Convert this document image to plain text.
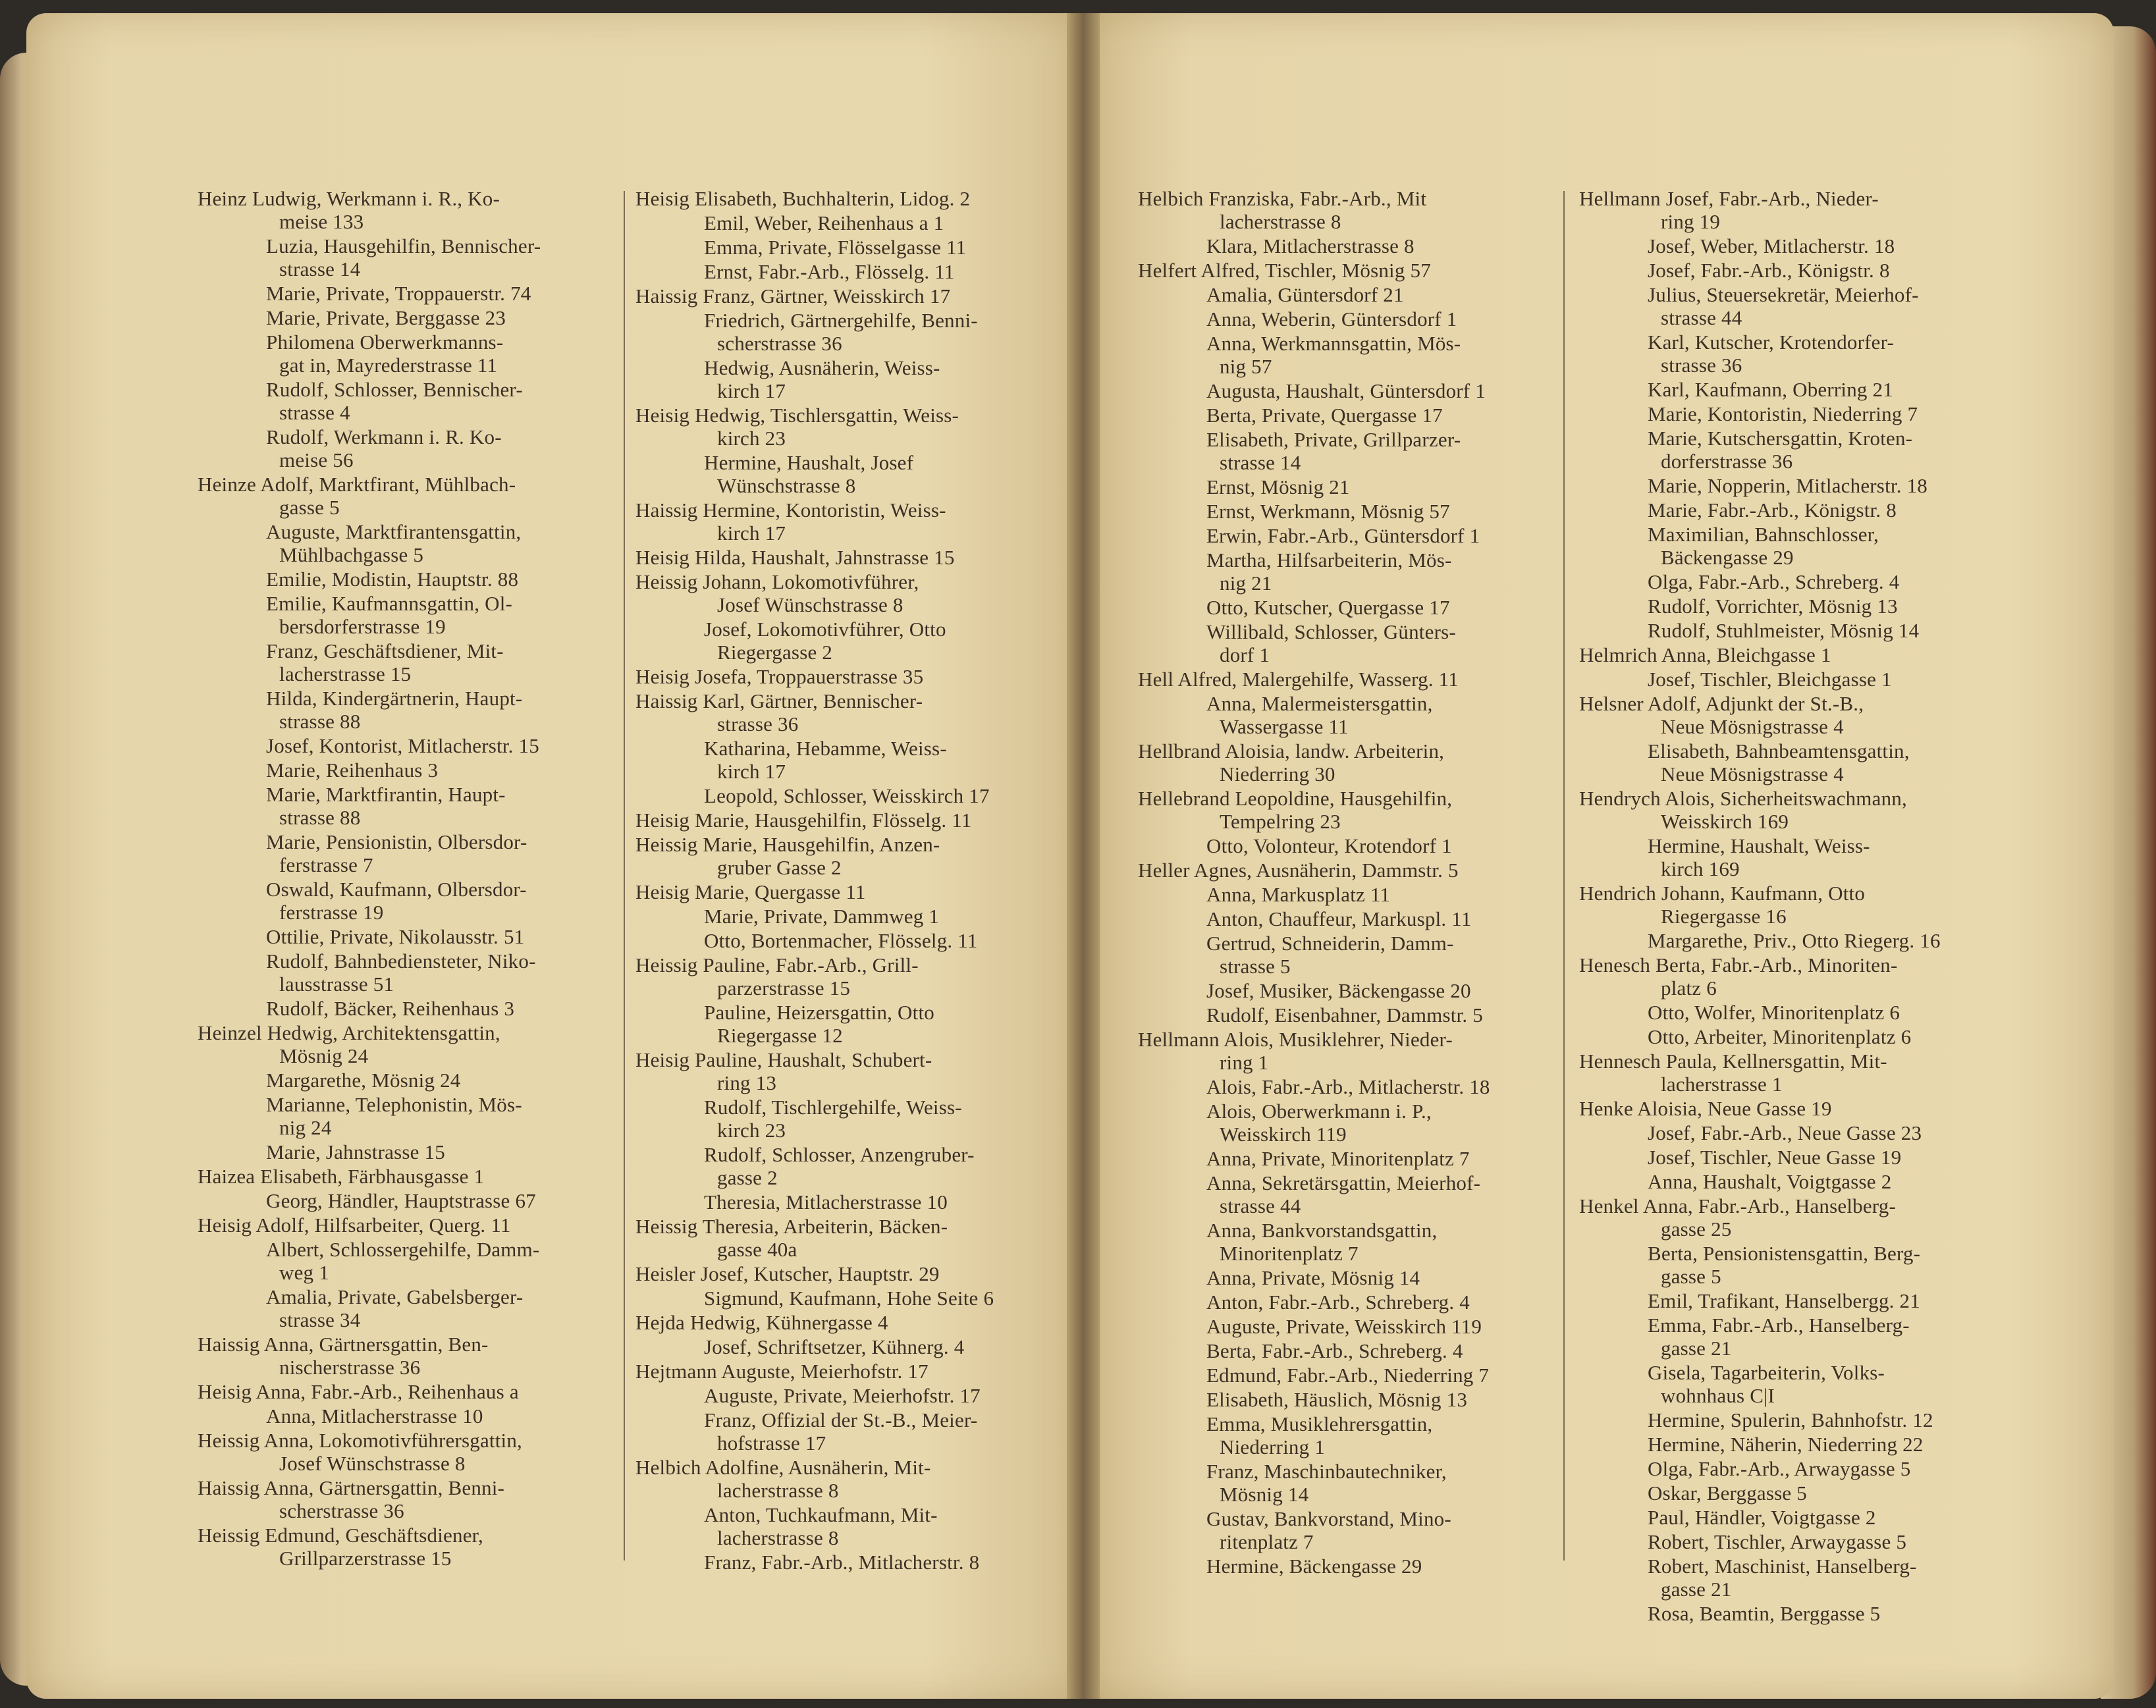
Heinz Ludwig, Werkmann i. R., Ko-
meise 133
Luzia, Hausgehilfin, Bennischer-
strasse 14
Marie, Private, Troppauerstr. 74
Marie, Private, Berggasse 23
Philomena Oberwerkmanns-
gat in, Mayrederstrasse 11
Rudolf, Schlosser, Bennischer-
strasse 4
Rudolf, Werkmann i. R. Ko-
meise 56
Heinze Adolf, Marktfirant, Mühlbach-
gasse 5
Auguste, Marktfirantensgattin,
Mühlbachgasse 5
Emilie, Modistin, Hauptstr. 88
Emilie, Kaufmannsgattin, Ol-
bersdorferstrasse 19
Franz, Geschäftsdiener, Mit-
lacherstrasse 15
Hilda, Kindergärtnerin, Haupt-
strasse 88
Josef, Kontorist, Mitlacherstr. 15
Marie, Reihenhaus 3
Marie, Marktfirantin, Haupt-
strasse 88
Marie, Pensionistin, Olbersdor-
ferstrasse 7
Oswald, Kaufmann, Olbersdor-
ferstrasse 19
Ottilie, Private, Nikolausstr. 51
Rudolf, Bahnbediensteter, Niko-
lausstrasse 51
Rudolf, Bäcker, Reihenhaus 3
Heinzel Hedwig, Architektensgattin,
Mösnig 24
Margarethe, Mösnig 24
Marianne, Telephonistin, Mös-
nig 24
Marie, Jahnstrasse 15
Haizea Elisabeth, Färbhausgasse 1
Georg, Händler, Hauptstrasse 67
Heisig Adolf, Hilfsarbeiter, Querg. 11
Albert, Schlossergehilfe, Damm-
weg 1
Amalia, Private, Gabelsberger-
strasse 34
Haissig Anna, Gärtnersgattin, Ben-
nischerstrasse 36
Heisig Anna, Fabr.-Arb., Reihenhaus a
Anna, Mitlacherstrasse 10
Heissig Anna, Lokomotivführersgattin,
Josef Wünschstrasse 8
Haissig Anna, Gärtnersgattin, Benni-
scherstrasse 36
Heissig Edmund, Geschäftsdiener,
Grillparzerstrasse 15
Heisig Elisabeth, Buchhalterin, Lidog. 2
Emil, Weber, Reihenhaus a 1
Emma, Private, Flösselgasse 11
Ernst, Fabr.-Arb., Flösselg. 11
Haissig Franz, Gärtner, Weisskirch 17
Friedrich, Gärtnergehilfe, Benni-
scherstrasse 36
Hedwig, Ausnäherin, Weiss-
kirch 17
Heisig Hedwig, Tischlersgattin, Weiss-
kirch 23
Hermine, Haushalt, Josef
Wünschstrasse 8
Haissig Hermine, Kontoristin, Weiss-
kirch 17
Heisig Hilda, Haushalt, Jahnstrasse 15
Heissig Johann, Lokomotivführer,
Josef Wünschstrasse 8
Josef, Lokomotivführer, Otto
Riegergasse 2
Heisig Josefa, Troppauerstrasse 35
Haissig Karl, Gärtner, Bennischer-
strasse 36
Katharina, Hebamme, Weiss-
kirch 17
Leopold, Schlosser, Weisskirch 17
Heisig Marie, Hausgehilfin, Flösselg. 11
Heissig Marie, Hausgehilfin, Anzen-
gruber Gasse 2
Heisig Marie, Quergasse 11
Marie, Private, Dammweg 1
Otto, Bortenmacher, Flösselg. 11
Heissig Pauline, Fabr.-Arb., Grill-
parzerstrasse 15
Pauline, Heizersgattin, Otto
Riegergasse 12
Heisig Pauline, Haushalt, Schubert-
ring 13
Rudolf, Tischlergehilfe, Weiss-
kirch 23
Rudolf, Schlosser, Anzengruber-
gasse 2
Theresia, Mitlacherstrasse 10
Heissig Theresia, Arbeiterin, Bäcken-
gasse 40a
Heisler Josef, Kutscher, Hauptstr. 29
Sigmund, Kaufmann, Hohe Seite 6
Hejda Hedwig, Kühnergasse 4
Josef, Schriftsetzer, Kühnerg. 4
Hejtmann Auguste, Meierhofstr. 17
Auguste, Private, Meierhofstr. 17
Franz, Offizial der St.-B., Meier-
hofstrasse 17
Helbich Adolfine, Ausnäherin, Mit-
lacherstrasse 8
Anton, Tuchkaufmann, Mit-
lacherstrasse 8
Franz, Fabr.-Arb., Mitlacherstr. 8
Helbich Franziska, Fabr.-Arb., Mit
lacherstrasse 8
Klara, Mitlacherstrasse 8
Helfert Alfred, Tischler, Mösnig 57
Amalia, Güntersdorf 21
Anna, Weberin, Güntersdorf 1
Anna, Werkmannsgattin, Mös-
nig 57
Augusta, Haushalt, Güntersdorf 1
Berta, Private, Quergasse 17
Elisabeth, Private, Grillparzer-
strasse 14
Ernst, Mösnig 21
Ernst, Werkmann, Mösnig 57
Erwin, Fabr.-Arb., Güntersdorf 1
Martha, Hilfsarbeiterin, Mös-
nig 21
Otto, Kutscher, Quergasse 17
Willibald, Schlosser, Günters-
dorf 1
Hell Alfred, Malergehilfe, Wasserg. 11
Anna, Malermeistersgattin,
Wassergasse 11
Hellbrand Aloisia, landw. Arbeiterin,
Niederring 30
Hellebrand Leopoldine, Hausgehilfin,
Tempelring 23
Otto, Volonteur, Krotendorf 1
Heller Agnes, Ausnäherin, Dammstr. 5
Anna, Markusplatz 11
Anton, Chauffeur, Markuspl. 11
Gertrud, Schneiderin, Damm-
strasse 5
Josef, Musiker, Bäckengasse 20
Rudolf, Eisenbahner, Dammstr. 5
Hellmann Alois, Musiklehrer, Nieder-
ring 1
Alois, Fabr.-Arb., Mitlacherstr. 18
Alois, Oberwerkmann i. P.,
Weisskirch 119
Anna, Private, Minoritenplatz 7
Anna, Sekretärsgattin, Meierhof-
strasse 44
Anna, Bankvorstandsgattin,
Minoritenplatz 7
Anna, Private, Mösnig 14
Anton, Fabr.-Arb., Schreberg. 4
Auguste, Private, Weisskirch 119
Berta, Fabr.-Arb., Schreberg. 4
Edmund, Fabr.-Arb., Niederring 7
Elisabeth, Häuslich, Mösnig 13
Emma, Musiklehrersgattin,
Niederring 1
Franz, Maschinbautechniker,
Mösnig 14
Gustav, Bankvorstand, Mino-
ritenplatz 7
Hermine, Bäckengasse 29
Hellmann Josef, Fabr.-Arb., Nieder-
ring 19
Josef, Weber, Mitlacherstr. 18
Josef, Fabr.-Arb., Königstr. 8
Julius, Steuersekretär, Meierhof-
strasse 44
Karl, Kutscher, Krotendorfer-
strasse 36
Karl, Kaufmann, Oberring 21
Marie, Kontoristin, Niederring 7
Marie, Kutschersgattin, Kroten-
dorferstrasse 36
Marie, Nopperin, Mitlacherstr. 18
Marie, Fabr.-Arb., Königstr. 8
Maximilian, Bahnschlosser,
Bäckengasse 29
Olga, Fabr.-Arb., Schreberg. 4
Rudolf, Vorrichter, Mösnig 13
Rudolf, Stuhlmeister, Mösnig 14
Helmrich Anna, Bleichgasse 1
Josef, Tischler, Bleichgasse 1
Helsner Adolf, Adjunkt der St.-B.,
Neue Mösnigstrasse 4
Elisabeth, Bahnbeamtensgattin,
Neue Mösnigstrasse 4
Hendrych Alois, Sicherheitswachmann,
Weisskirch 169
Hermine, Haushalt, Weiss-
kirch 169
Hendrich Johann, Kaufmann, Otto
Riegergasse 16
Margarethe, Priv., Otto Riegerg. 16
Henesch Berta, Fabr.-Arb., Minoriten-
platz 6
Otto, Wolfer, Minoritenplatz 6
Otto, Arbeiter, Minoritenplatz 6
Hennesch Paula, Kellnersgattin, Mit-
lacherstrasse 1
Henke Aloisia, Neue Gasse 19
Josef, Fabr.-Arb., Neue Gasse 23
Josef, Tischler, Neue Gasse 19
Anna, Haushalt, Voigtgasse 2
Henkel Anna, Fabr.-Arb., Hanselberg-
gasse 25
Berta, Pensionistensgattin, Berg-
gasse 5
Emil, Trafikant, Hanselbergg. 21
Emma, Fabr.-Arb., Hanselberg-
gasse 21
Gisela, Tagarbeiterin, Volks-
wohnhaus C|I
Hermine, Spulerin, Bahnhofstr. 12
Hermine, Näherin, Niederring 22
Olga, Fabr.-Arb., Arwaygasse 5
Oskar, Berggasse 5
Paul, Händler, Voigtgasse 2
Robert, Tischler, Arwaygasse 5
Robert, Maschinist, Hanselberg-
gasse 21
Rosa, Beamtin, Berggasse 5
